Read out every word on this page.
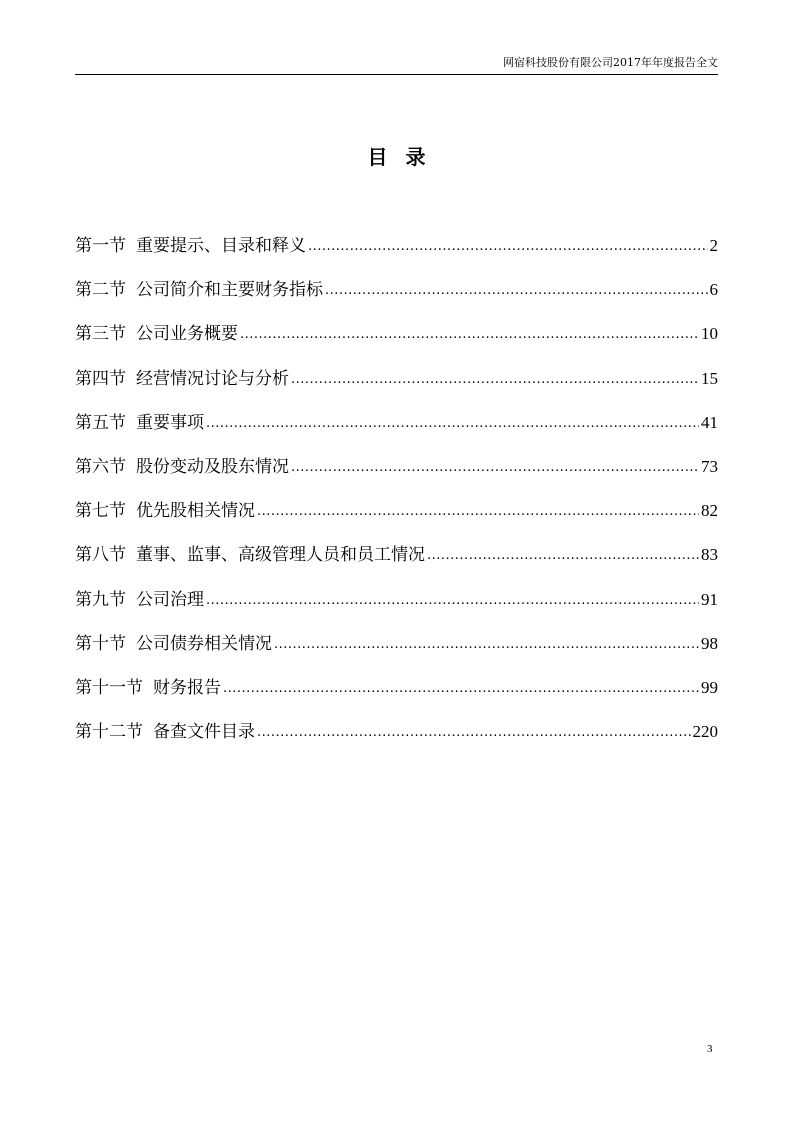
网宿科技股份有限公司2017年年度报告全文
目录
第一节 重要提示、目录和释义 .....	2
第二节 公司简介和主要财务指标 .....	6
第三节 公司业务概要 .....	10
第四节 经营情况讨论与分析 .....	15
第五节 重要事项 .....	41
第六节 股份变动及股东情况 .....	73
第七节 优先股相关情况 .....	82
第八节 董事、监事、高级管理人员和员工情况 .....	83
第九节 公司治理 .....	91
第十节 公司债券相关情况 .....	98
第十一节 财务报告 .....	99
第十二节 备查文件目录 .....	220
3
